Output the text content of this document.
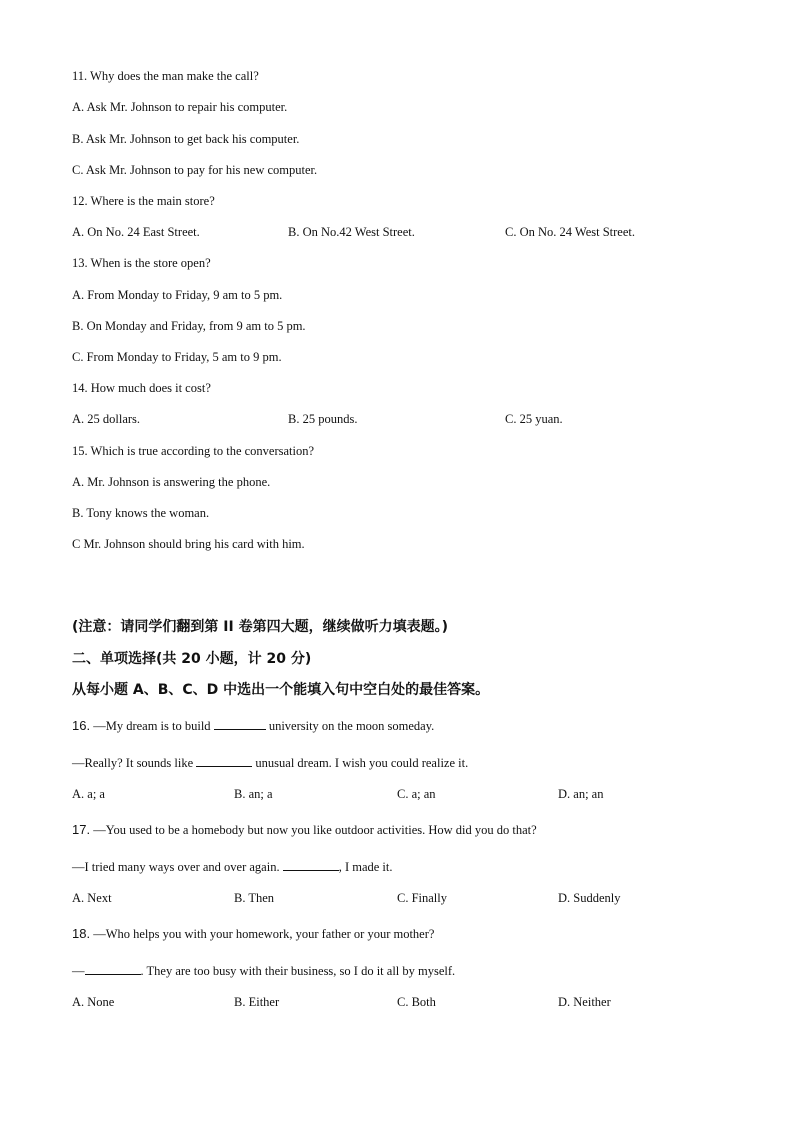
11. Why does the man make the call?
A. Ask Mr. Johnson to repair his computer.
B. Ask Mr. Johnson to get back his computer.
C. Ask Mr. Johnson to pay for his new computer.
12. Where is the main store?
A. On No. 24 East Street.	B. On No.42 West Street.	C. On No. 24 West Street.
13. When is the store open?
A. From Monday to Friday, 9 am to 5 pm.
B. On Monday and Friday, from 9 am to 5 pm.
C. From Monday to Friday, 5 am to 9 pm.
14. How much does it cost?
A. 25 dollars.	B. 25 pounds.	C. 25 yuan.
15. Which is true according to the conversation?
A. Mr. Johnson is answering the phone.
B. Tony knows the woman.
C Mr. Johnson should bring his card with him.
(注意：请同学们翻到第 II 卷第四大题，继续做听力填表题。)
二、单项选择(共 20 小题，计 20 分)
从每小题 A、B、C、D 中选出一个能填入句中空白处的最佳答案。
16. —My dream is to build	university on the moon someday.
—Really? It sounds like	unusual dream. I wish you could realize it.
A. a; a	B. an; a	C. a; an	D. an; an
17. —You used to be a homebody but now you like outdoor activities. How did you do that?
—I tried many ways over and over again.	, I made it.
A. Next	B. Then	C. Finally	D. Suddenly
18. —Who helps you with your homework, your father or your mother?
—	. They are too busy with their business, so I do it all by myself.
A. None	B. Either	C. Both	D. Neither
